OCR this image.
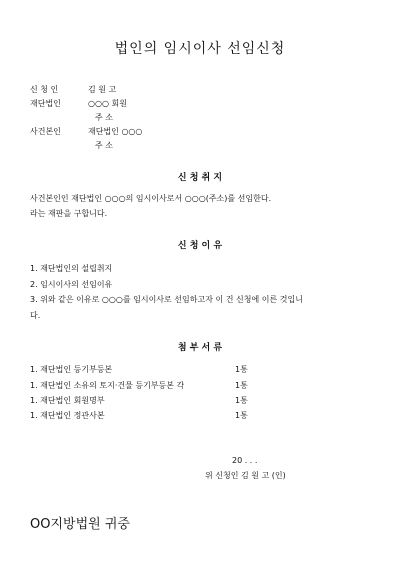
법인의 임시이사 선임신청
신 청 인	김 원 고
재단법인	○○○ 회원
주 소
사건본인	재단법인 ○○○
주 소
신 청 취 지
사건본인인 재단법인 ○○○의 임시이사로서 ○○○(주소)를 선임한다.
라는 재판을 구합니다.
신 청 이 유
1. 재단법인의 설립취지
2. 임시이사의 선임이유
3. 위와 같은 이유로 ○○○를 임시이사로 선임하고자 이 건 신청에 이른 것입니
다.
첨 부 서 류
1. 재단법인 등기부등본	1통
1. 재단법인 소유의 토지·건물 등기부등본 각	1통
1. 재단법인 회원명부	1통
1. 재단법인 정관사본	1통
20 . . .
위 신청인 김 원 고 (인)
OO지방법원 귀중
